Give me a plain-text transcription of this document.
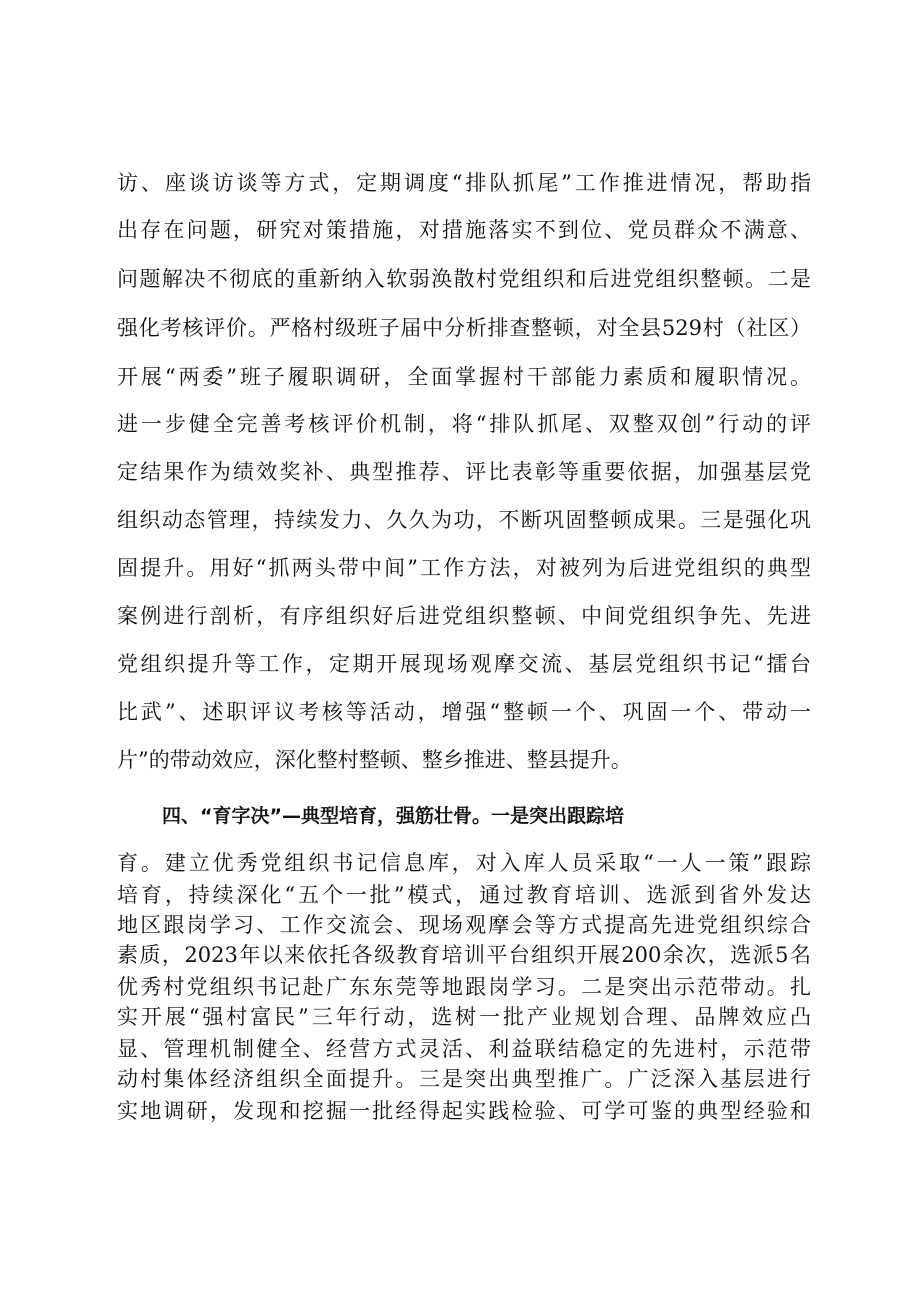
访、座谈访谈等方式，定期调度“排队抓尾”工作推进情况，帮助指

出存在问题，研究对策措施，对措施落实不到位、党员群众不满意、

问题解决不彻底的重新纳入软弱涣散村党组织和后进党组织整顿。二是

强化考核评价。严格村级班子届中分析排查整顿，对全县529村（社区）

开展“两委”班子履职调研，全面掌握村干部能力素质和履职情况。

进一步健全完善考核评价机制，将“排队抓尾、双整双创”行动的评

定结果作为绩效奖补、典型推荐、评比表彰等重要依据，加强基层党

组织动态管理，持续发力、久久为功，不断巩固整顿成果。三是强化巩

固提升。用好“抓两头带中间”工作方法，对被列为后进党组织的典型

案例进行剖析，有序组织好后进党组织整顿、中间党组织争先、先进

党组织提升等工作，定期开展现场观摩交流、基层党组织书记“擂台

比武”、述职评议考核等活动，增强“整顿一个、巩固一个、带动一

片”的带动效应，深化整村整顿、整乡推进、整县提升。

四、“育字决”—典型培育，强筋壮骨。一是突出跟踪培

育。建立优秀党组织书记信息库，对入库人员采取“一人一策”跟踪

培育，持续深化“五个一批”模式，通过教育培训、选派到省外发达

地区跟岗学习、工作交流会、现场观摩会等方式提高先进党组织综合

素质，2023年以来依托各级教育培训平台组织开展200余次，选派5名

优秀村党组织书记赴广东东莞等地跟岗学习。二是突出示范带动。扎

实开展“强村富民”三年行动，选树一批产业规划合理、品牌效应凸

显、管理机制健全、经营方式灵活、利益联结稳定的先进村，示范带

动村集体经济组织全面提升。三是突出典型推广。广泛深入基层进行

实地调研，发现和挖掘一批经得起实践检验、可学可鉴的典型经验和
